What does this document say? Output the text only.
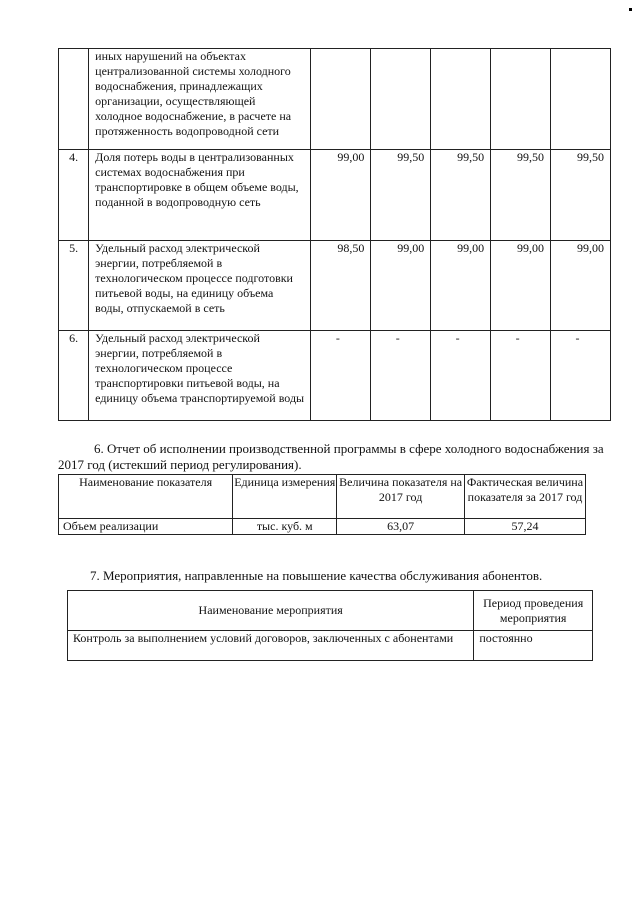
	иных нарушений на объектах централизованной системы холодного водоснабжения, принадлежащих организации, осуществляющей холодное водоснабжение, в расчете на протяженность водопроводной сети	

4.	Доля потерь воды в централизованных системах водоснабжения при транспортировке в общем объеме воды, поданной в водопроводную сеть	99,00	99,50	99,50	99,50	99,50

5.	Удельный расход электрической энергии, потребляемой в технологическом процессе подготовки питьевой воды, на единицу объема воды, отпускаемой в сеть	98,50	99,00	99,00	99,00	99,00

6.	Удельный расход электрической энергии, потребляемой в технологическом процессе транспортировки питьевой воды, на единицу объема транспортируемой воды	-	-	-	-	-
6. Отчет об исполнении производственной программы в сфере холодного водоснабжения за 2017 год (истекший период регулирования).
Наименование показателя	Единица измерения	Величина показателя на 2017 год	Фактическая величина показателя за 2017 год
Объем реализации	тыс. куб. м	63,07	57,24
7. Мероприятия, направленные на повышение качества обслуживания абонентов.
Наименование мероприятия	Период проведения мероприятия
Контроль за выполнением условий договоров, заключенных с абонентами	постоянно
